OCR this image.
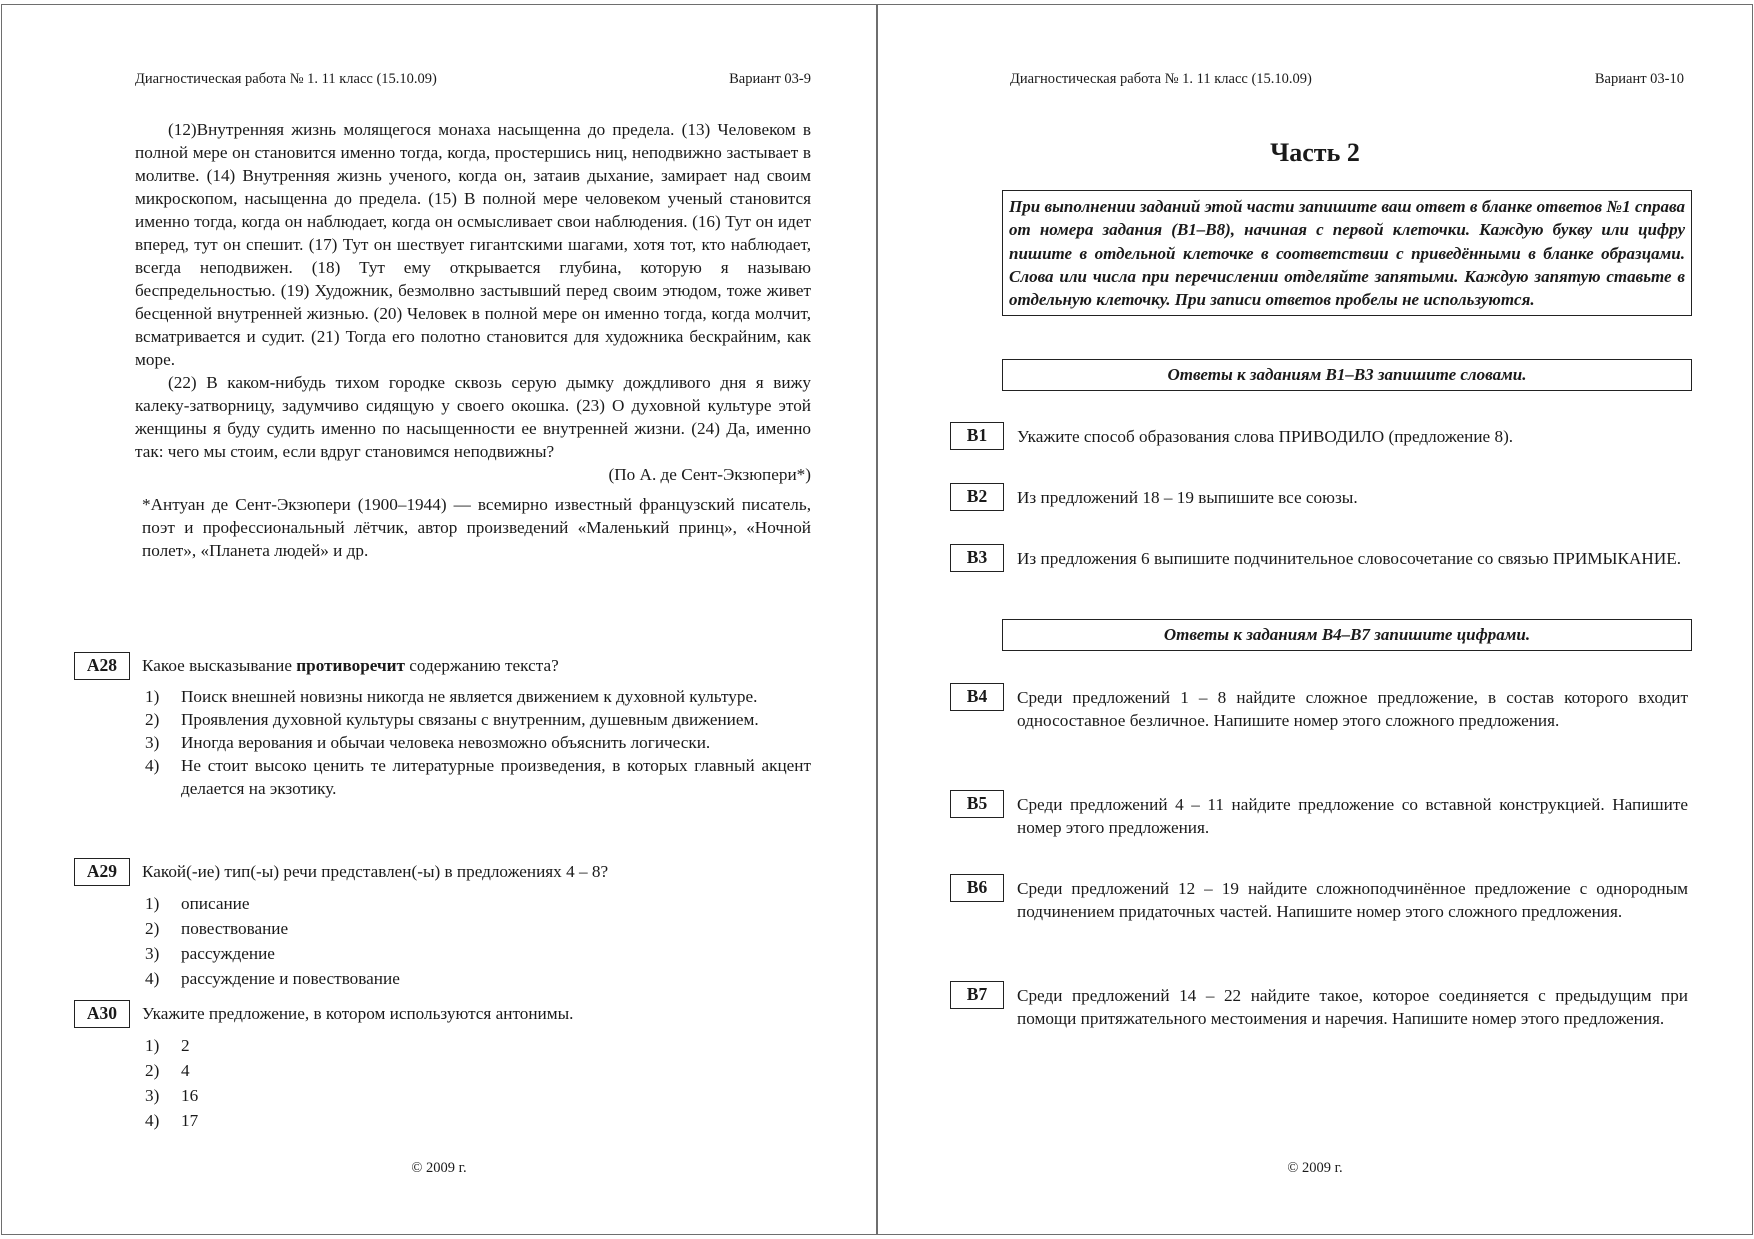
Диагностическая работа № 1. 11 класс (15.10.09)	Вариант 03-9
(12)Внутренняя жизнь молящегося монаха насыщенна до предела. (13) Человеком в полной мере он становится именно тогда, когда, простершись ниц, неподвижно застывает в молитве. (14) Внутренняя жизнь ученого, когда он, затаив дыхание, замирает над своим микроскопом, насыщенна до предела. (15) В полной мере человеком ученый становится именно тогда, когда он наблюдает, когда он осмысливает свои наблюдения. (16) Тут он идет вперед, тут он спешит. (17) Тут он шествует гигантскими шагами, хотя тот, кто наблюдает, всегда неподвижен. (18) Тут ему открывается глубина, которую я называю беспредельностью. (19) Художник, безмолвно застывший перед своим этюдом, тоже живет бесценной внутренней жизнью. (20) Человек в полной мере он именно тогда, когда молчит, всматривается и судит. (21) Тогда его полотно становится для художника бескрайним, как море.
(22) В каком-нибудь тихом городке сквозь серую дымку дождливого дня я вижу калеку-затворницу, задумчиво сидящую у своего окошка. (23) О духовной культуре этой женщины я буду судить именно по насыщенности ее внутренней жизни. (24) Да, именно так: чего мы стоим, если вдруг становимся неподвижны?
(По А. де Сент-Экзюпери*)
*Антуан де Сент-Экзюпери (1900–1944) — всемирно известный французский писатель, поэт и профессиональный лётчик, автор произведений «Маленький принц», «Ночной полет», «Планета людей» и др.
А28	Какое высказывание противоречит содержанию текста?
1) Поиск внешней новизны никогда не является движением к духовной культуре.
2) Проявления духовной культуры связаны с внутренним, душевным движением.
3) Иногда верования и обычаи человека невозможно объяснить логически.
4) Не стоит высоко ценить те литературные произведения, в которых главный акцент делается на экзотику.
А29	Какой(-ие) тип(-ы) речи представлен(-ы) в предложениях 4 – 8?
1) описание
2) повествование
3) рассуждение
4) рассуждение и повествование
А30	Укажите предложение, в котором используются антонимы.
1) 2
2) 4
3) 16
4) 17
© 2009 г.
Диагностическая работа № 1. 11 класс (15.10.09)	Вариант 03-10
Часть 2
При выполнении заданий этой части запишите ваш ответ в бланке ответов №1 справа от номера задания (В1–В8), начиная с первой клеточки. Каждую букву или цифру пишите в отдельной клеточке в соответствии с приведёнными в бланке образцами. Слова или числа при перечислении отделяйте запятыми. Каждую запятую ставьте в отдельную клеточку. При записи ответов пробелы не используются.
Ответы к заданиям В1–В3 запишите словами.
В1	Укажите способ образования слова ПРИВОДИЛО (предложение 8).
В2	Из предложений 18 – 19 выпишите все союзы.
В3	Из предложения 6 выпишите подчинительное словосочетание со связью ПРИМЫКАНИЕ.
Ответы к заданиям В4–В7 запишите цифрами.
В4	Среди предложений 1 – 8 найдите сложное предложение, в состав которого входит односоставное безличное. Напишите номер этого сложного предложения.
В5	Среди предложений 4 – 11 найдите предложение со вставной конструкцией. Напишите номер этого предложения.
В6	Среди предложений 12 – 19 найдите сложноподчинённое предложение с однородным подчинением придаточных частей. Напишите номер этого сложного предложения.
В7	Среди предложений 14 – 22 найдите такое, которое соединяется с предыдущим при помощи притяжательного местоимения и наречия. Напишите номер этого предложения.
© 2009 г.
